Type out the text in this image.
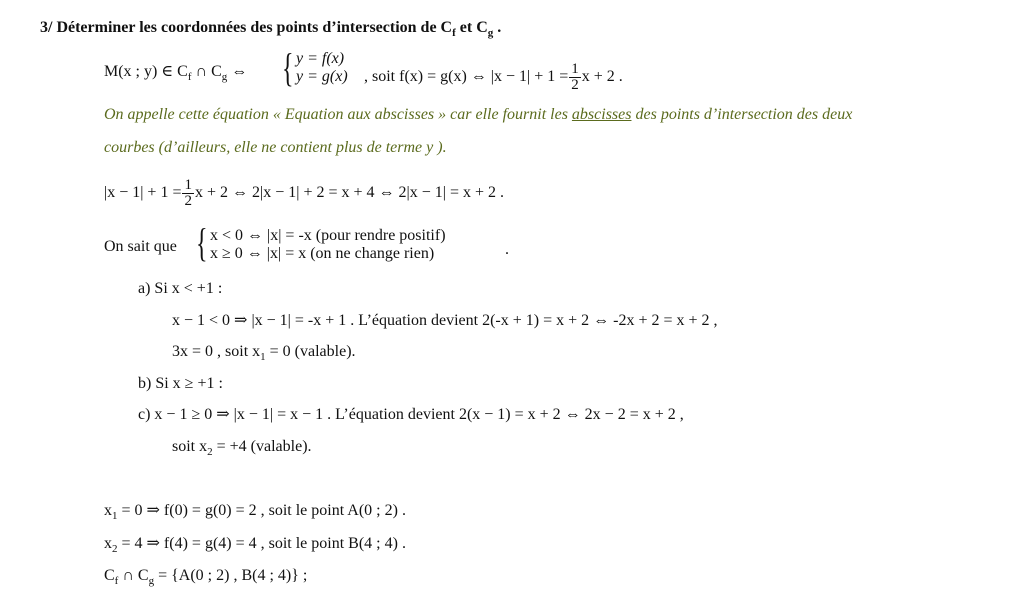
3/ Déterminer les coordonnées des points d’intersection de $C_f$ et $C_g$ .
M(x ; y) ∈ $C_f$ ∩ $C_g$ ⇔ { y = f(x)
y = g(x) , soit f(x) = g(x) ⇔ $|x - 1| + 1 = \frac{1}{2}$ x + 2 .
On appelle cette équation « Equation aux abscisses » car elle fournit les abscisses des points d’intersection des deux
courbes (d’ailleurs, elle ne contient plus de terme y ).
$|x - 1| + 1 = \frac{1}{2}$ x + 2 ⇔ 2|x − 1| + 2 = x + 4 ⇔ 2|x − 1| = x + 2 .
On sait que { x < 0 ⇔ |x| = -x (pour rendre positif)
x ≥ 0 ⇔ |x| = x (on ne change rien)	.
a) Si x < +1 :
x − 1 < 0 ⇒ |x − 1| = -x + 1 . L’équation devient 2(-x + 1) = x + 2 ⇔ -2x + 2 = x + 2 ,
3x = 0 , soit $x_1 = 0$ (valable).
b) Si x ≥ +1 :
c) x − 1 ≥ 0 ⇒ |x − 1| = x − 1 . L’équation devient 2(x − 1) = x + 2 ⇔ 2x − 2 = x + 2 ,
soit $x_2 = +4$ (valable).
$x_1 = 0$ ⇒ f(0) = g(0) = 2 , soit le point A(0 ; 2) .
$x_2 = 4$ ⇒ f(4) = g(4) = 4 , soit le point B(4 ; 4) .
$C_f$ ∩ $C_g = \{A(0$ ; 2) , B(4 ; 4)} ;
